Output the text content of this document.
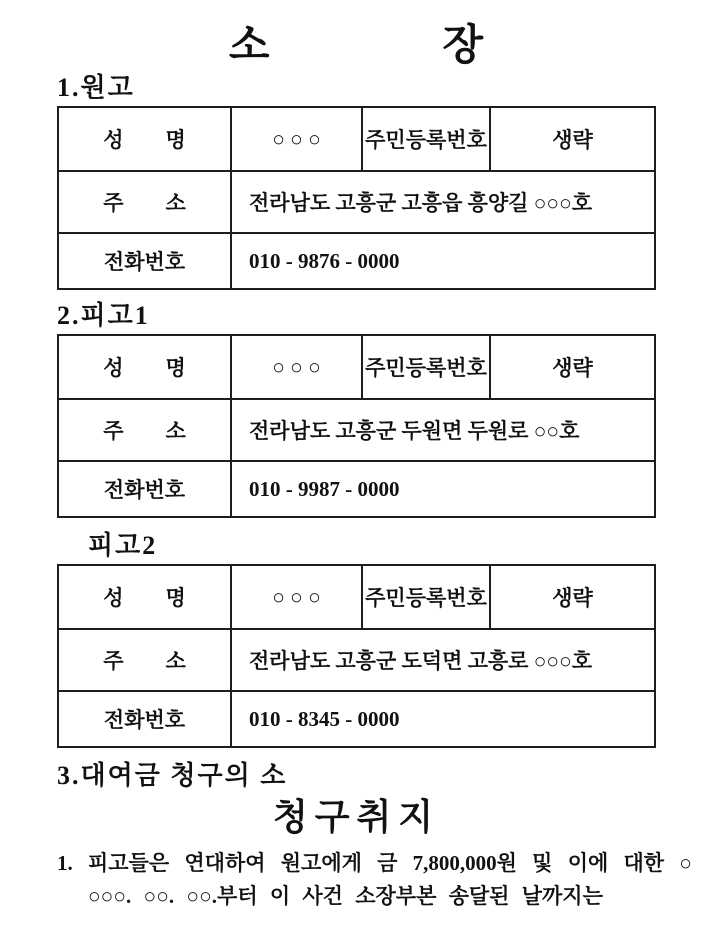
소　　　　장
1.원고
성　　명	○ ○ ○	주민등록번호	생략
주　　소	전라남도 고흥군 고흥읍 흥양길 ○○○호
전화번호	010 - 9876 - 0000
2.피고1
성　　명	○ ○ ○	주민등록번호	생략
주　　소	전라남도 고흥군 두원면 두원로 ○○호
전화번호	010 - 9987 - 0000
피고2
성　　명	○ ○ ○	주민등록번호	생략
주　　소	전라남도 고흥군 도덕면 고흥로 ○○○호
전화번호	010 - 8345 - 0000
3.대여금 청구의 소
청구취지
1. 피고들은 연대하여 원고에게 금 7,800,000원 및 이에 대한 ○
○○○. ○○. ○○.부터 이 사건 소장부본 송달된 날까지는
